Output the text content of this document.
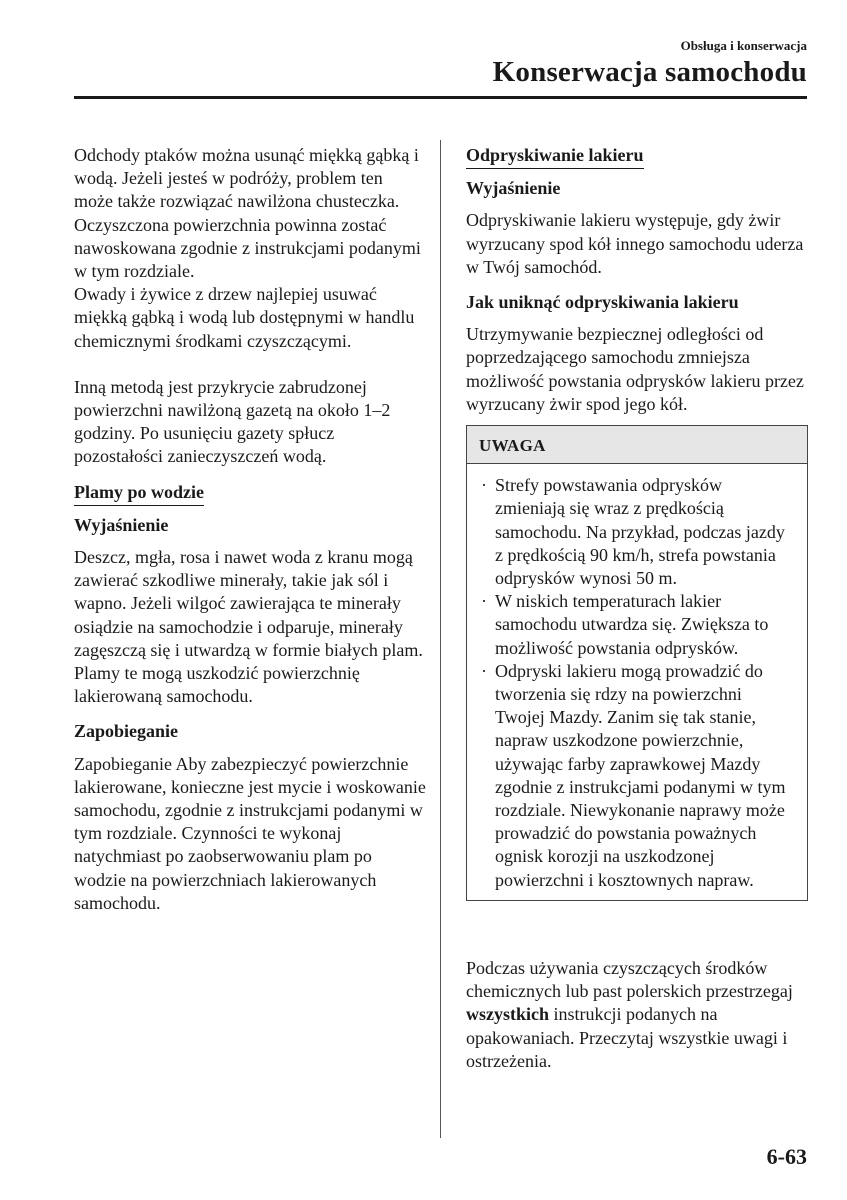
Obsługa i konserwacja
Konserwacja samochodu

Odchody ptaków można usunąć miękką gąbką i wodą. Jeżeli jesteś w podróży, problem ten może także rozwiązać nawilżona chusteczka. Oczyszczona powierzchnia powinna zostać nawoskowana zgodnie z instrukcjami podanymi w tym rozdziale.

Owady i żywice z drzew najlepiej usuwać miękką gąbką i wodą lub dostępnymi w handlu chemicznymi środkami czyszczącymi.

Inną metodą jest przykrycie zabrudzonej powierzchni nawilżoną gazetą na około 1–2 godziny. Po usunięciu gazety spłucz pozostałości zanieczyszczeń wodą.

Plamy po wodzie

Wyjaśnienie

Deszcz, mgła, rosa i nawet woda z kranu mogą zawierać szkodliwe minerały, takie jak sól i wapno. Jeżeli wilgoć zawierająca te minerały osiądzie na samochodzie i odparuje, minerały zagęszczą się i utwardzą w formie białych plam. Plamy te mogą uszkodzić powierzchnię lakierowaną samochodu.

Zapobieganie

Zapobieganie Aby zabezpieczyć powierzchnie lakierowane, konieczne jest mycie i woskowanie samochodu, zgodnie z instrukcjami podanymi w tym rozdziale. Czynności te wykonaj natychmiast po zaobserwowaniu plam po wodzie na powierzchniach lakierowanych samochodu.

Odpryskiwanie lakieru

Wyjaśnienie

Odpryskiwanie lakieru występuje, gdy żwir wyrzucany spod kół innego samochodu uderza w Twój samochód.

Jak uniknąć odpryskiwania lakieru

Utrzymywanie bezpiecznej odległości od poprzedzającego samochodu zmniejsza możliwość powstania odprysków lakieru przez wyrzucany żwir spod jego kół.

UWAGA
· Strefy powstawania odprysków zmieniają się wraz z prędkością samochodu. Na przykład, podczas jazdy z prędkością 90 km/h, strefa powstania odprysków wynosi 50 m.
· W niskich temperaturach lakier samochodu utwardza się. Zwiększa to możliwość powstania odprysków.
· Odpryski lakieru mogą prowadzić do tworzenia się rdzy na powierzchni Twojej Mazdy. Zanim się tak stanie, napraw uszkodzone powierzchnie, używając farby zaprawkowej Mazdy zgodnie z instrukcjami podanymi w tym rozdziale. Niewykonanie naprawy może prowadzić do powstania poważnych ognisk korozji na uszkodzonej powierzchni i kosztownych napraw.

Podczas używania czyszczących środków chemicznych lub past polerskich przestrzegaj wszystkich instrukcji podanych na opakowaniach. Przeczytaj wszystkie uwagi i ostrzeżenia.

6-63
